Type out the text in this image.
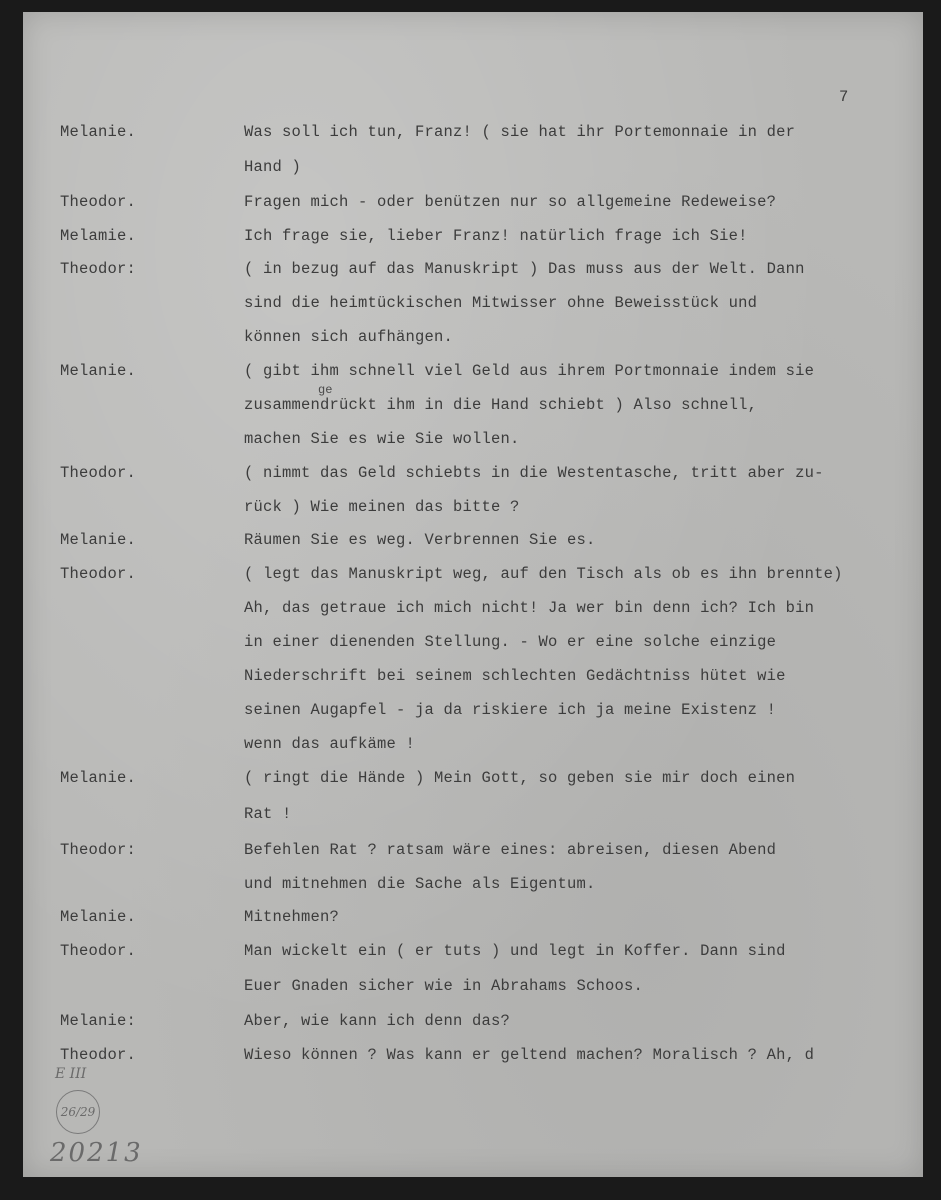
7
Melanie.
Theodor.
Melamie.
Theodor:
Melanie.
Theodor.
Melanie.
Theodor.
Melanie.
Theodor:
Melanie.
Theodor.
Melanie:
Theodor.
Was soll ich tun, Franz! ( sie hat ihr Portemonnaie in der
Hand )
Fragen mich - oder benützen nur so allgemeine Redeweise?
Ich frage sie, lieber Franz! natürlich frage ich Sie!
( in bezug auf das Manuskript ) Das muss aus der Welt. Dann
sind die heimtückischen Mitwisser ohne Beweisstück und
können sich aufhängen.
( gibt ihm schnell viel Geld aus ihrem Portmonnaie indem sie
ge
zusammendrückt ihm in die Hand schiebt ) Also schnell,
machen Sie es wie Sie wollen.
( nimmt das Geld schiebts in die Westentasche, tritt aber zu-
rück ) Wie meinen das bitte ?
Räumen Sie es weg. Verbrennen Sie es.
( legt das Manuskript weg, auf den Tisch als ob es ihn brennte)
Ah, das getraue ich mich nicht! Ja wer bin denn ich? Ich bin
in einer dienenden Stellung. - Wo er eine solche einzige
Niederschrift bei seinem schlechten Gedächtniss hütet wie
seinen Augapfel - ja da riskiere ich ja meine Existenz !
wenn das aufkäme !
( ringt die Hände ) Mein Gott, so geben sie mir doch einen
Rat !
Befehlen Rat ? ratsam wäre eines: abreisen, diesen Abend
und mitnehmen die Sache als Eigentum.
Mitnehmen?
Man wickelt ein ( er tuts ) und legt in Koffer. Dann sind
Euer Gnaden sicher wie in Abrahams Schoos.
Aber, wie kann ich denn das?
Wieso können ? Was kann er geltend machen? Moralisch ? Ah, d
E III
26/29
20213
